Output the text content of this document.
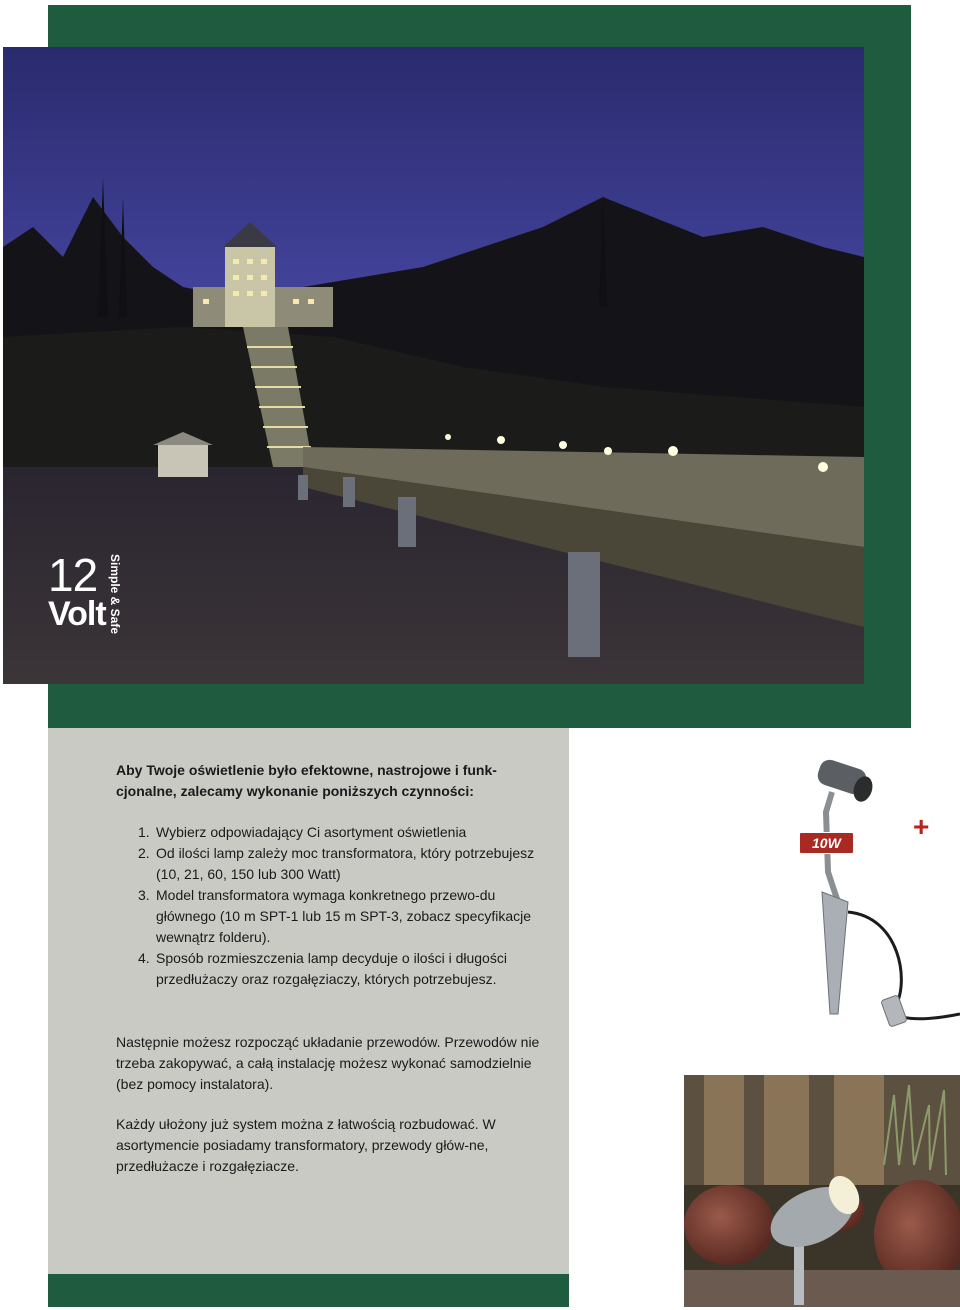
12
Volt Simple & Safe
Aby Twoje oświetlenie było efektowne, nastrojowe i funk-cjonalne, zalecamy wykonanie poniższych czynności:
1. Wybierz odpowiadający Ci asortyment oświetlenia
2. Od ilości lamp zależy moc transformatora, który potrzebujesz (10, 21, 60, 150 lub 300 Watt)
3. Model transformatora wymaga konkretnego przewo-du głównego (10 m SPT-1 lub 15 m SPT-3, zobacz specyfikacje wewnątrz folderu).
4. Sposób rozmieszczenia lamp decyduje o ilości i długości przedłużaczy oraz rozgałęziaczy, których potrzebujesz.
Następnie możesz rozpocząć układanie przewodów. Przewodów nie trzeba zakopywać, a całą instalację możesz wykonać samodzielnie (bez pomocy instalatora).
Każdy ułożony już system można z łatwością rozbudować. W asortymencie posiadamy transformatory, przewody głów-ne, przedłużacze i rozgałęziacze.
10W
+
